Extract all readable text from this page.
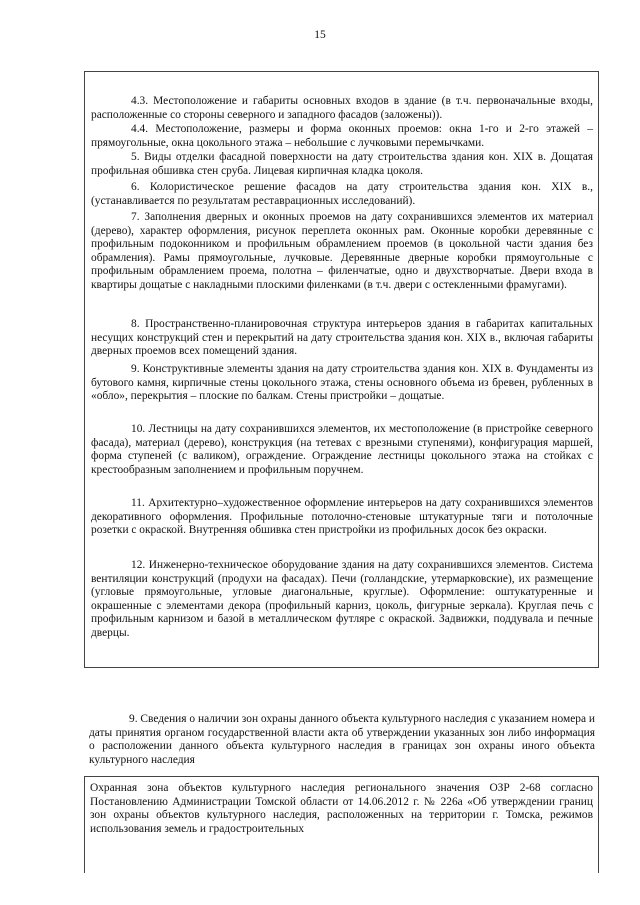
15

4.3. Местоположение и габариты основных входов в здание (в т.ч. первоначальные входы, расположенные со стороны северного и западного фасадов (заложены)).

4.4. Местоположение, размеры и форма оконных проемов: окна 1-го и 2-го этажей – прямоугольные, окна цокольного этажа – небольшие с лучковыми перемычками.

5. Виды отделки фасадной поверхности на дату строительства здания кон. XIX в. Дощатая профильная обшивка стен сруба. Лицевая кирпичная кладка цоколя.

6. Колористическое решение фасадов на дату строительства здания кон. XIX в., (устанавливается по результатам реставрационных исследований).

7. Заполнения дверных и оконных проемов на дату сохранившихся элементов их материал (дерево), характер оформления, рисунок переплета оконных рам. Оконные коробки деревянные с профильным подоконником и профильным обрамлением проемов (в цокольной части здания без обрамления). Рамы прямоугольные, лучковые. Деревянные дверные коробки прямоугольные с профильным обрамлением проема, полотна – филенчатые, одно и двухстворчатые. Двери входа в квартиры дощатые с накладными плоскими филенками (в т.ч. двери с остекленными фрамугами).

8. Пространственно-планировочная структура интерьеров здания в габаритах капитальных несущих конструкций стен и перекрытий на дату строительства здания кон. XIX в., включая габариты дверных проемов всех помещений здания.

9. Конструктивные элементы здания на дату строительства здания кон. XIX в. Фундаменты из бутового камня, кирпичные стены цокольного этажа, стены основного объема из бревен, рубленных в «обло», перекрытия – плоские по балкам. Стены пристройки – дощатые.

10. Лестницы на дату сохранившихся элементов, их местоположение (в пристройке северного фасада), материал (дерево), конструкция (на тетевах с врезными ступенями), конфигурация маршей, форма ступеней (с валиком), ограждение. Ограждение лестницы цокольного этажа на стойках с крестообразным заполнением и профильным поручнем.

11. Архитектурно–художественное оформление интерьеров на дату сохранившихся элементов декоративного оформления. Профильные потолочно-стеновые штукатурные тяги и потолочные розетки с окраской. Внутренняя обшивка стен пристройки из профильных досок без окраски.

12. Инженерно-техническое оборудование здания на дату сохранившихся элементов. Система вентиляции конструкций (продухи на фасадах). Печи (голландские, утермарковские), их размещение (угловые прямоугольные, угловые диагональные, круглые). Оформление: оштукатуренные и окрашенные с элементами декора (профильный карниз, цоколь, фигурные зеркала). Круглая печь с профильным карнизом и базой в металлическом футляре с окраской. Задвижки, поддувала и печные дверцы.

9. Сведения о наличии зон охраны данного объекта культурного наследия с указанием номера и даты принятия органом государственной власти акта об утверждении указанных зон либо информация о расположении данного объекта культурного наследия в границах зон охраны иного объекта культурного наследия

Охранная зона объектов культурного наследия регионального значения ОЗР 2-68 согласно Постановлению Администрации Томской области от 14.06.2012 г. № 226а «Об утверждении границ зон охраны объектов культурного наследия, расположенных на территории г. Томска, режимов использования земель и градостроительных
